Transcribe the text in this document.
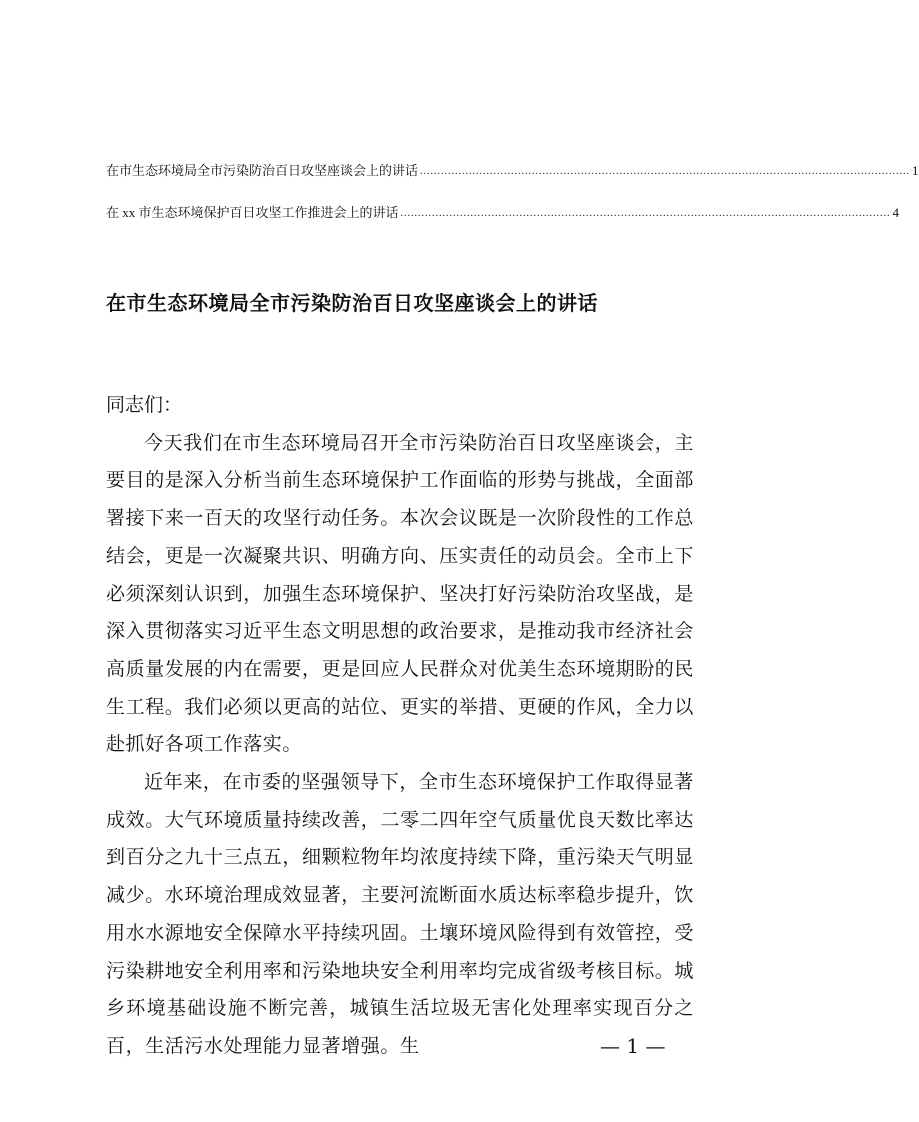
在市生态环境局全市污染防治百日攻坚座谈会上的讲话 ............................................................................................................................................ 1
在 xx 市生态环境保护百日攻坚工作推进会上的讲话 ............................................................................................................................................ 4
在市生态环境局全市污染防治百日攻坚座谈会上的讲话

同志们：

今天我们在市生态环境局召开全市污染防治百日攻坚座谈会，主要目的是深入分析当前生态环境保护工作面临的形势与挑战，全面部署接下来一百天的攻坚行动任务。本次会议既是一次阶段性的工作总结会，更是一次凝聚共识、明确方向、压实责任的动员会。全市上下必须深刻认识到，加强生态环境保护、坚决打好污染防治攻坚战，是深入贯彻落实习近平生态文明思想的政治要求，是推动我市经济社会高质量发展的内在需要，更是回应人民群众对优美生态环境期盼的民生工程。我们必须以更高的站位、更实的举措、更硬的作风，全力以赴抓好各项工作落实。

近年来，在市委的坚强领导下，全市生态环境保护工作取得显著成效。大气环境质量持续改善，二零二四年空气质量优良天数比率达到百分之九十三点五，细颗粒物年均浓度持续下降，重污染天气明显减少。水环境治理成效显著，主要河流断面水质达标率稳步提升，饮用水水源地安全保障水平持续巩固。土壤环境风险得到有效管控，受污染耕地安全利用率和污染地块安全利用率均完成省级考核目标。城乡环境基础设施不断完善，城镇生活垃圾无害化处理率实现百分之百，生活污水处理能力显著增强。生	— 1 —
